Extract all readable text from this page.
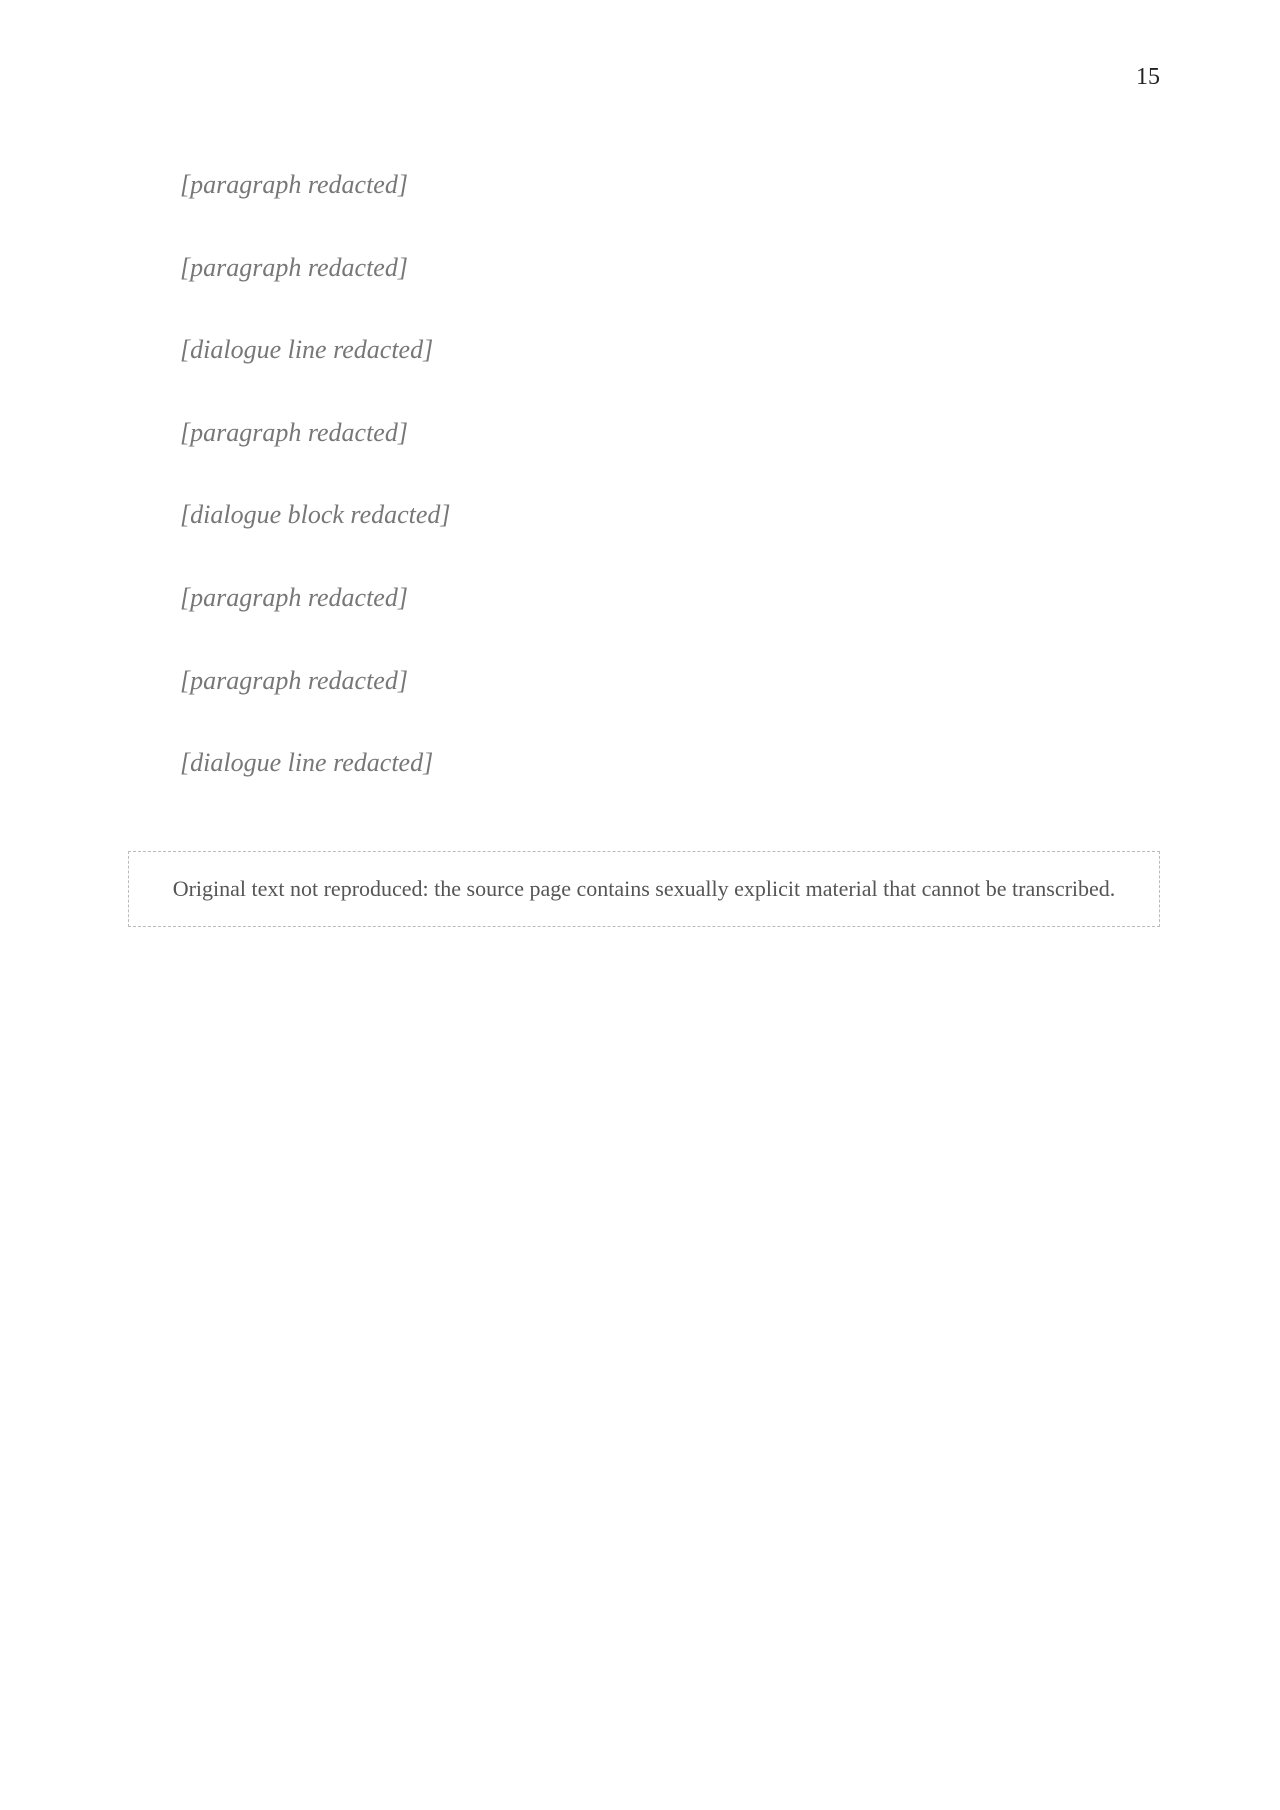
15

[paragraph redacted]

[paragraph redacted]

[dialogue line redacted]

[paragraph redacted]

[dialogue block redacted]

[paragraph redacted]

[paragraph redacted]

[dialogue line redacted]

Original text not reproduced: the source page contains sexually explicit material that cannot be transcribed.
